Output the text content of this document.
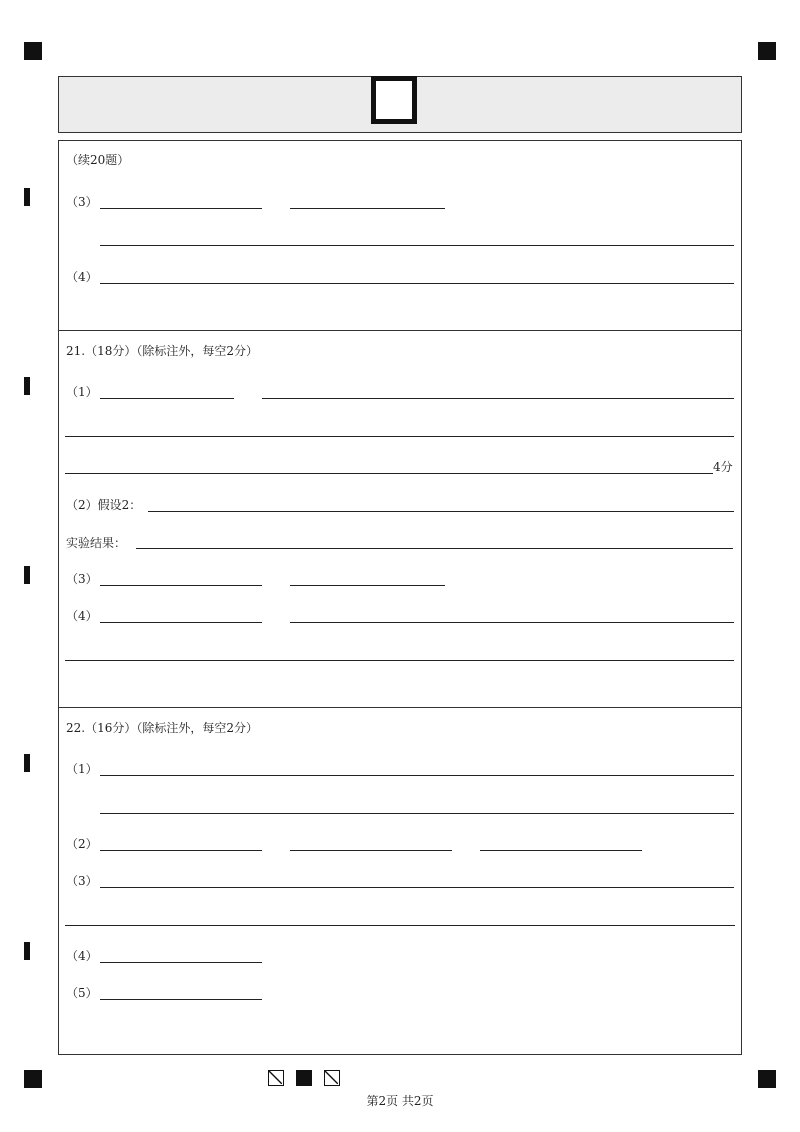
（续20题）
（3）
（4）
21.（18分）（除标注外，每空2分）
（1）
4分
（2）假设2：
实验结果：
（3）
（4）
22.（16分）（除标注外，每空2分）
（1）
（2）
（3）
（4）
（5）
第2页 共2页
